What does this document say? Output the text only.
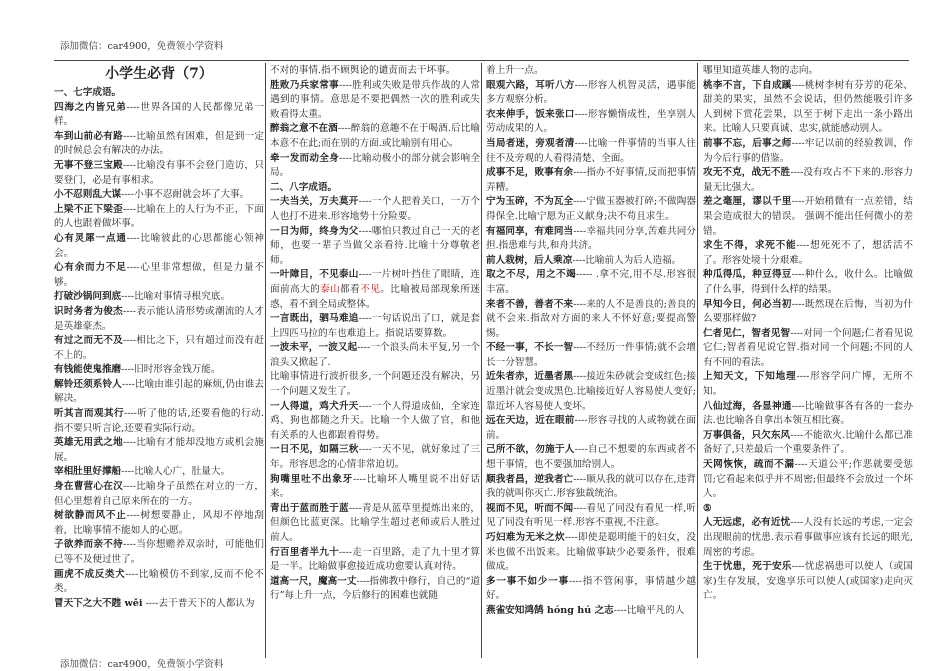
添加微信：car4900，免费领小学资料
小学生必背（7）
一、七字成语。

四海之内皆兄弟----世界各国的人民都像兄弟一样。

车到山前必有路----比喻虽然有困难，但是到一定的时候总会有解决的办法。

无事不登三宝殿----比喻没有事不会登门造访，只要登门，必是有事相求。

小不忍则乱大谋----小事不忍耐就会坏了大事。

上梁不正下梁歪----比喻在上的人行为不正，下面的人也跟着做坏事。

心有灵犀一点通----比喻彼此的心思都能心领神会。

心有余而力不足----心里非常想做，但是力量不够。

打破沙锅问到底----比喻对事情寻根究底。

识时务者为俊杰----表示能认清形势或潮流的人才是英雄豪杰。

有过之而无不及----相比之下，只有超过而没有赶不上的。

有钱能使鬼推磨----旧时形容金钱万能。

解铃还须系铃人----比喻由谁引起的麻烦,仍由谁去解决。

听其言而观其行----听了他的话,还要看他的行动.指不要只听言论,还要看实际行动。

英雄无用武之地----比喻有才能却没地方或机会施展。

宰相肚里好撑船----比喻人心广，肚量大。

身在曹营心在汉----比喻身子虽然在对立的一方，但心里想着自己原来所在的一方。

树欲静而风不止----树想要静止，风却不停地刮着，比喻事情不能如人的心愿。

子欲养而亲不待----当你想赡养双亲时，可能他们已等不及便过世了。

画虎不成反类犬----比喻模仿不到家,反而不伦不类。

冒天下之大不韪 wěi ----去干普天下的人都认为

不对的事情.指不顾舆论的谴责而去干坏事。

胜败乃兵家常事----胜利或失败是带兵作战的人常遇到的事情。意思是不要把偶然一次的胜利或失败看得太重。

醉翁之意不在酒----醉翁的意趣不在于喝酒.后比喻本意不在此;而在别的方面.或比喻别有用心。

牵一发而动全身----比喻动极小的部分就会影响全局。

二、八字成语。

一夫当关，万夫莫开----一个人把着关口，一万个人也打不进来.形容地势十分险要。

一日为师，终身为父----哪怕只教过自己一天的老师，也要一辈子当做父亲看待.比喻十分尊敬老师。

一叶障目，不见泰山----一片树叶挡住了眼睛，连面前高大的泰山都看不见。比喻被局部现象所迷惑，看不到全局或整体。

一言既出，驷马难追----一句话说出了口，就是套上四匹马拉的车也难追上。指说话要算数。

一波未平，一波又起----一个浪头尚未平复,另一个浪头又掀起了.

比喻事情进行波折很多,一个问题还没有解决，另一个问题又发生了。

一人得道，鸡犬升天----一个人得道成仙，全家连鸡、狗也都随之升天。比喻一个人做了官，和他有关系的人也都跟着得势。

一日不见，如隔三秋----一天不见，就好象过了三年。形容思念的心情非常迫切。

狗嘴里吐不出象牙----比喻坏人嘴里说不出好话来。

青出于蓝而胜于蓝----青是从蓝草里提炼出来的，但颜色比蓝更深。比喻学生超过老师或后人胜过前人。

行百里者半九十----走一百里路，走了九十里才算是一半。比喻做事愈接近成功愈要认真对待。

道高一尺，魔高一丈----指佛教中修行，自己的“道行”每上升一点，今后修行的困难也就随

着上升一点。

眼观六路，耳听八方----形容人机智灵活，遇事能多方观察分析。

衣来伸手，饭来张口----形容懒惰成性，坐享别人劳动成果的人。

当局者迷，旁观者清----比喻一件事情的当事人往往不及旁观的人看得清楚、全面。

成事不足，败事有余----指办不好事情,反而把事情弄糟。

宁为玉碎，不为瓦全----宁做玉器被打碎;不做陶器得保全.比喻宁愿为正义献身;决不苟且求生。

有福同享，有难同当----幸福共同分享,苦难共同分担.指患难与共,和舟共济。

前人栽树，后人乘凉----比喻前人为后人造福。

取之不尽，用之不竭----- .拿不完,用不尽.形容很丰富。

来者不善，善者不来----来的人不是善良的;善良的就不会来.指敌对方面的来人不怀好意;要提高警惕。

不经一事，不长一智----不经历一件事情;就不会增长一分智慧。

近朱者赤，近墨者黑----接近朱砂就会变成红色;接近墨汁就会变成黑色.比喻接近好人容易使人变好;靠近坏人容易使人变坏。

远在天边，近在眼前----形容寻找的人或物就在面前。

己所不欲，勿施于人----自己不想要的东西或者不想干事情，也不要强加给别人。

顺我者昌，逆我者亡----顺从我的就可以存在,违背我的就叫你灭亡.形容独裁统治。

视而不见，听而不闻----看见了同没有看见一样,听见了同没有听见一样.形容不重视,不注意。

巧妇难为无米之炊----即使是聪明能干的妇女，没米也做不出饭来。比喻做事缺少必要条件，很难做成。

多一事不如少一事----指不管闲事，事情越少越好。

燕雀安知鸿鹄 hóng hú 之志----比喻平凡的人

哪里知道英雄人物的志向。

桃李不言，下自成蹊----桃树李树有芬芳的花朵、甜美的果实，虽然不会说话，但仍然能吸引许多人到树下赏花尝果，以至于树下走出一条小路出来。比喻人只要真诚、忠实,就能感动别人。

前事不忘，后事之师----牢记以前的经验教训，作为今后行事的借鉴。

攻无不克，战无不胜----没有攻占不下来的.形容力量无比强大。

差之毫厘，谬以千里----开始稍微有一点差错，结果会造成很大的错误。 强调不能出任何微小的差错。

求生不得，求死不能----想死死不了，想活活不了。形容处境十分艰难。

种瓜得瓜，种豆得豆----种什么，收什么。比喻做了什么事，得到什么样的结果。

早知今日，何必当初----既然现在后悔，当初为什么要那样做?

仁者见仁，智者见智----对同一个问题;仁者看见说它仁;智者看见说它智.指对同一个问题;不同的人有不同的看法。

上知天文，下知地理----形容学问广博，无所不知。

八仙过海，各显神通----比喻做事各有各的一套办法.也比喻各自拿出本领互相比赛。

万事俱备，只欠东风----不能欲火.比喻什么都已准备好了,只差最后一个重要条件了。

天网恢恢，疏而不漏----天道公平;作恶就要受惩罚;它看起来似乎并不周密;但最终不会放过一个坏人。

⑤

人无远虑，必有近忧----人没有长远的考虑,一定会出现眼前的忧患.表示看事做事应该有长远的眼光,周密的考虑。

生于忧患，死于安乐----忧虑祸患可以使人（或国家)生存发展，安逸享乐可以使人(或国家)走向灭亡。

添加微信：car4900，免费领小学资料
